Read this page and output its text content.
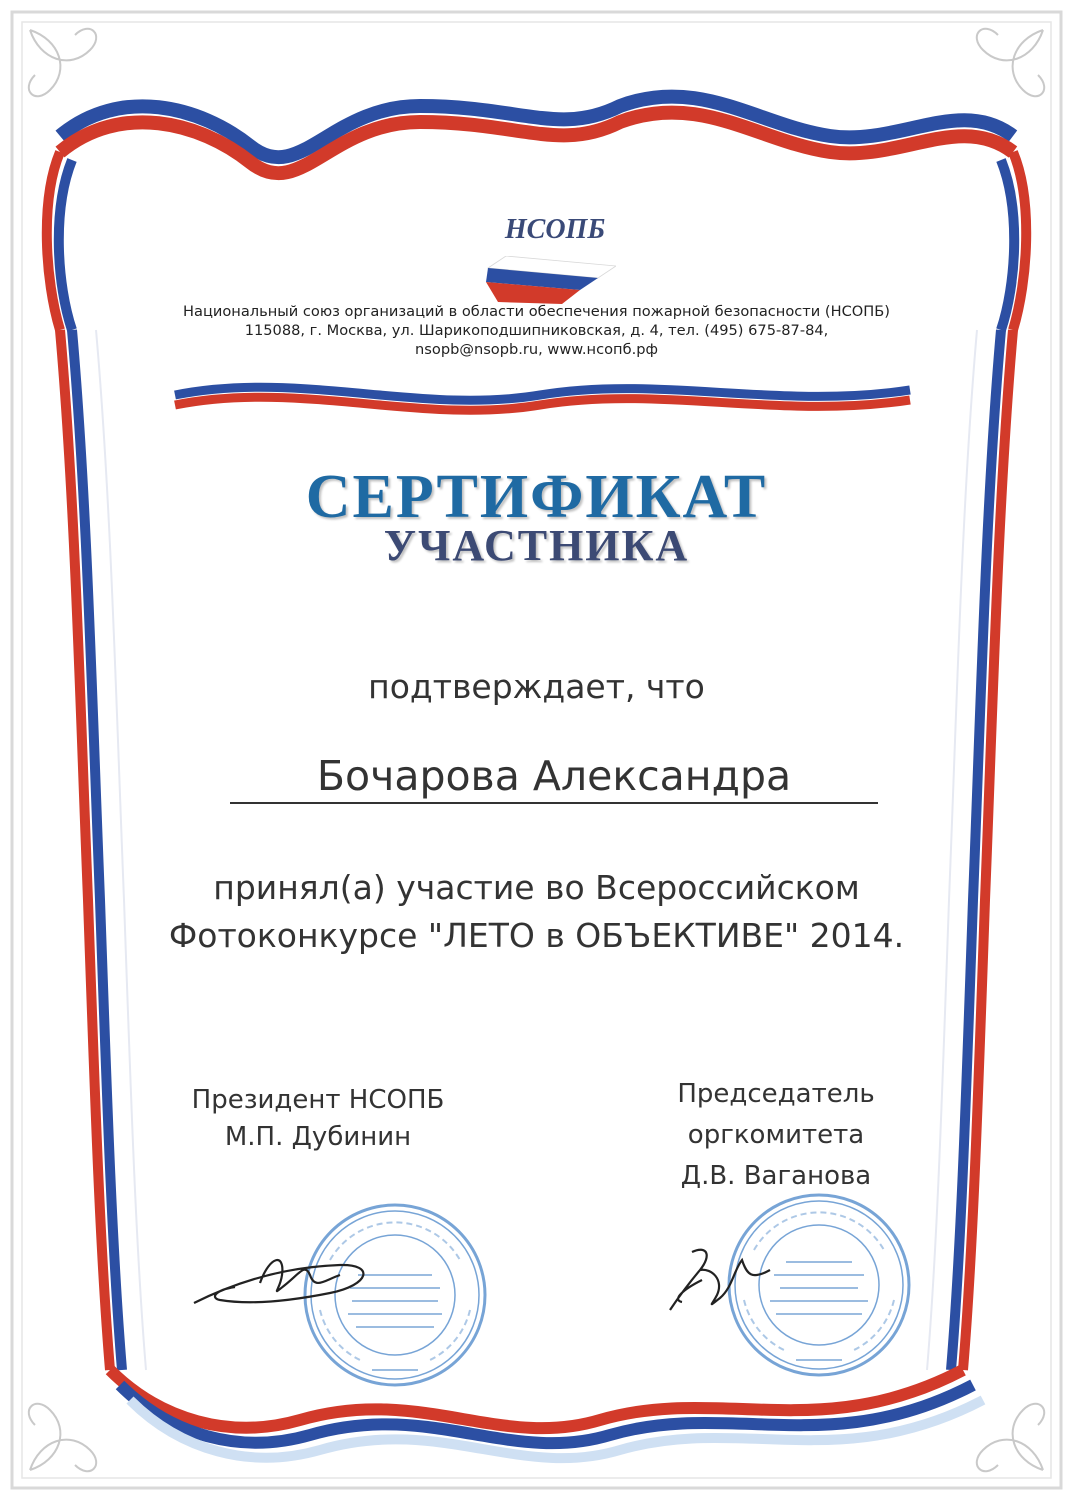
НСОПБ
Национальный союз организаций в области обеспечения пожарной безопасности (НСОПБ)
115088, г. Москва, ул. Шарикоподшипниковская, д. 4, тел. (495) 675-87-84,
nsopb@nsopb.ru, www.нсопб.рф
СЕРТИФИКАТ
УЧАСТНИКА
подтверждает, что
Бочарова Александра
принял(а) участие во Всероссийском
Фотоконкурсе "ЛЕТО в ОБЪЕКТИВЕ" 2014.
Президент НСОПБ
М.П. Дубинин
Председатель
оргкомитета
Д.В. Ваганова
